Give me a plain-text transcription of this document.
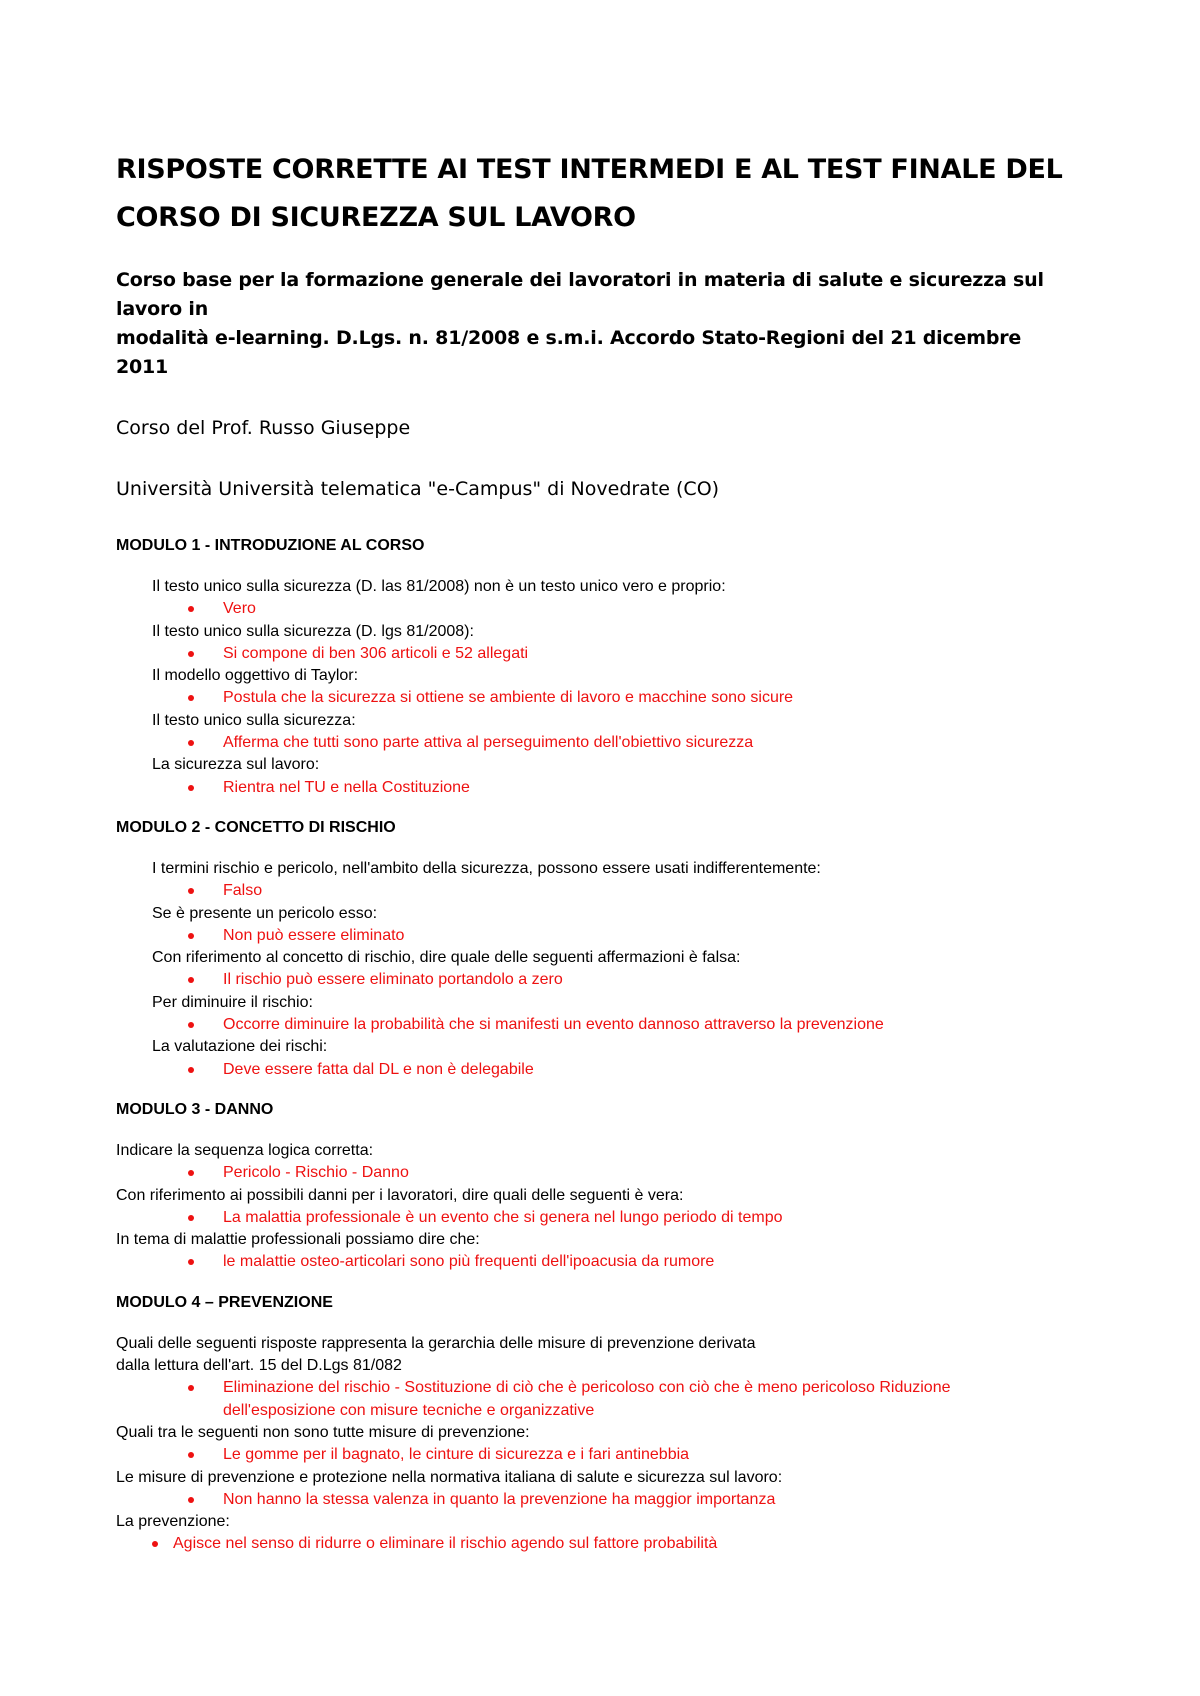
RISPOSTE CORRETTE AI TEST INTERMEDI E AL TEST FINALE DEL
CORSO DI SICUREZZA SUL LAVORO

Corso base per la formazione generale dei lavoratori in materia di salute e sicurezza sul lavoro in
modalità e-learning. D.Lgs. n. 81/2008 e s.m.i. Accordo Stato-Regioni del 21 dicembre 2011

Corso del Prof. Russo Giuseppe

Università Università telematica "e-Campus" di Novedrate (CO)

MODULO 1 - INTRODUZIONE AL CORSO
Il testo unico sulla sicurezza (D. las 81/2008) non è un testo unico vero e proprio:
Vero
Il testo unico sulla sicurezza (D. lgs 81/2008):
Si compone di ben 306 articoli e 52 allegati
Il modello oggettivo di Taylor:
Postula che la sicurezza si ottiene se ambiente di lavoro e macchine sono sicure
Il testo unico sulla sicurezza:
Afferma che tutti sono parte attiva al perseguimento dell'obiettivo sicurezza
La sicurezza sul lavoro:
Rientra nel TU e nella Costituzione
MODULO 2 - CONCETTO DI RISCHIO
I termini rischio e pericolo, nell'ambito della sicurezza, possono essere usati indifferentemente:
Falso
Se è presente un pericolo esso:
Non può essere eliminato
Con riferimento al concetto di rischio, dire quale delle seguenti affermazioni è falsa:
Il rischio può essere eliminato portandolo a zero
Per diminuire il rischio:
Occorre diminuire la probabilità che si manifesti un evento dannoso attraverso la prevenzione
La valutazione dei rischi:
Deve essere fatta dal DL e non è delegabile
MODULO 3 - DANNO
Indicare la sequenza logica corretta:
Pericolo - Rischio - Danno
Con riferimento ai possibili danni per i lavoratori, dire quali delle seguenti è vera:
La malattia professionale è un evento che si genera nel lungo periodo di tempo
In tema di malattie professionali possiamo dire che:
le malattie osteo-articolari sono più frequenti dell'ipoacusia da rumore
MODULO 4 – PREVENZIONE
Quali delle seguenti risposte rappresenta la gerarchia delle misure di prevenzione derivata
dalla lettura dell'art. 15 del D.Lgs 81/082
Eliminazione del rischio - Sostituzione di ciò che è pericoloso con ciò che è meno pericoloso Riduzione
dell'esposizione con misure tecniche e organizzative
Quali tra le seguenti non sono tutte misure di prevenzione:
Le gomme per il bagnato, le cinture di sicurezza e i fari antinebbia
Le misure di prevenzione e protezione nella normativa italiana di salute e sicurezza sul lavoro:
Non hanno la stessa valenza in quanto la prevenzione ha maggior importanza
La prevenzione:
Agisce nel senso di ridurre o eliminare il rischio agendo sul fattore probabilità
